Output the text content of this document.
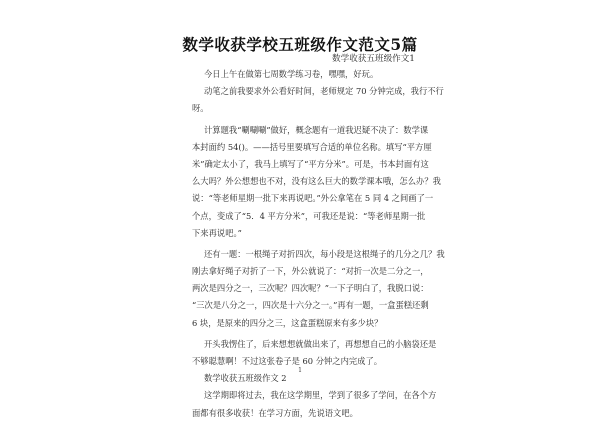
数学收获学校五班级作文范文5篇
数学收获五班级作文1
今日上午在做第七周数学练习卷，嘿嘿，好玩。
动笔之前我要求外公看好时间，老师规定 70 分钟完成，我行不行
呀。
计算题我“唰唰唰”做好，概念题有一道我迟疑不决了：数学课
本封面约 54()。——括号里要填写合适的单位名称。填写“平方厘
米”确定太小了，我马上填写了“平方分米”。可是，书本封面有这
么大吗？外公想想也不对，没有这么巨大的数学课本哦，怎么办？我
说：“等老师星期一批下来再说吧。”外公拿笔在 5 同 4 之间画了一
个点，变成了“5．4 平方分米”，可我还是说：“等老师星期一批
下来再说吧。”
还有一题：一根绳子对折四次，每小段是这根绳子的几分之几？我
刚去拿好绳子对折了一下，外公就说了：“对折一次是二分之一，
两次是四分之一，三次呢？四次呢？”一下子明白了，我脱口说：
“三次是八分之一，四次是十六分之一。”再有一题，一盒蛋糕还剩
6 块，是原来的四分之三，这盒蛋糕原来有多少块？
开头我愣住了，后来想想就做出来了，再想想自己的小脑袋还是
不够聪慧啊！不过这张卷子是 60 分钟之内完成了。
数学收获五班级作文 2
这学期即将过去，我在这学期里，学到了很多了学问，在各个方
面都有很多收获！在学习方面，先说语文吧。
1
